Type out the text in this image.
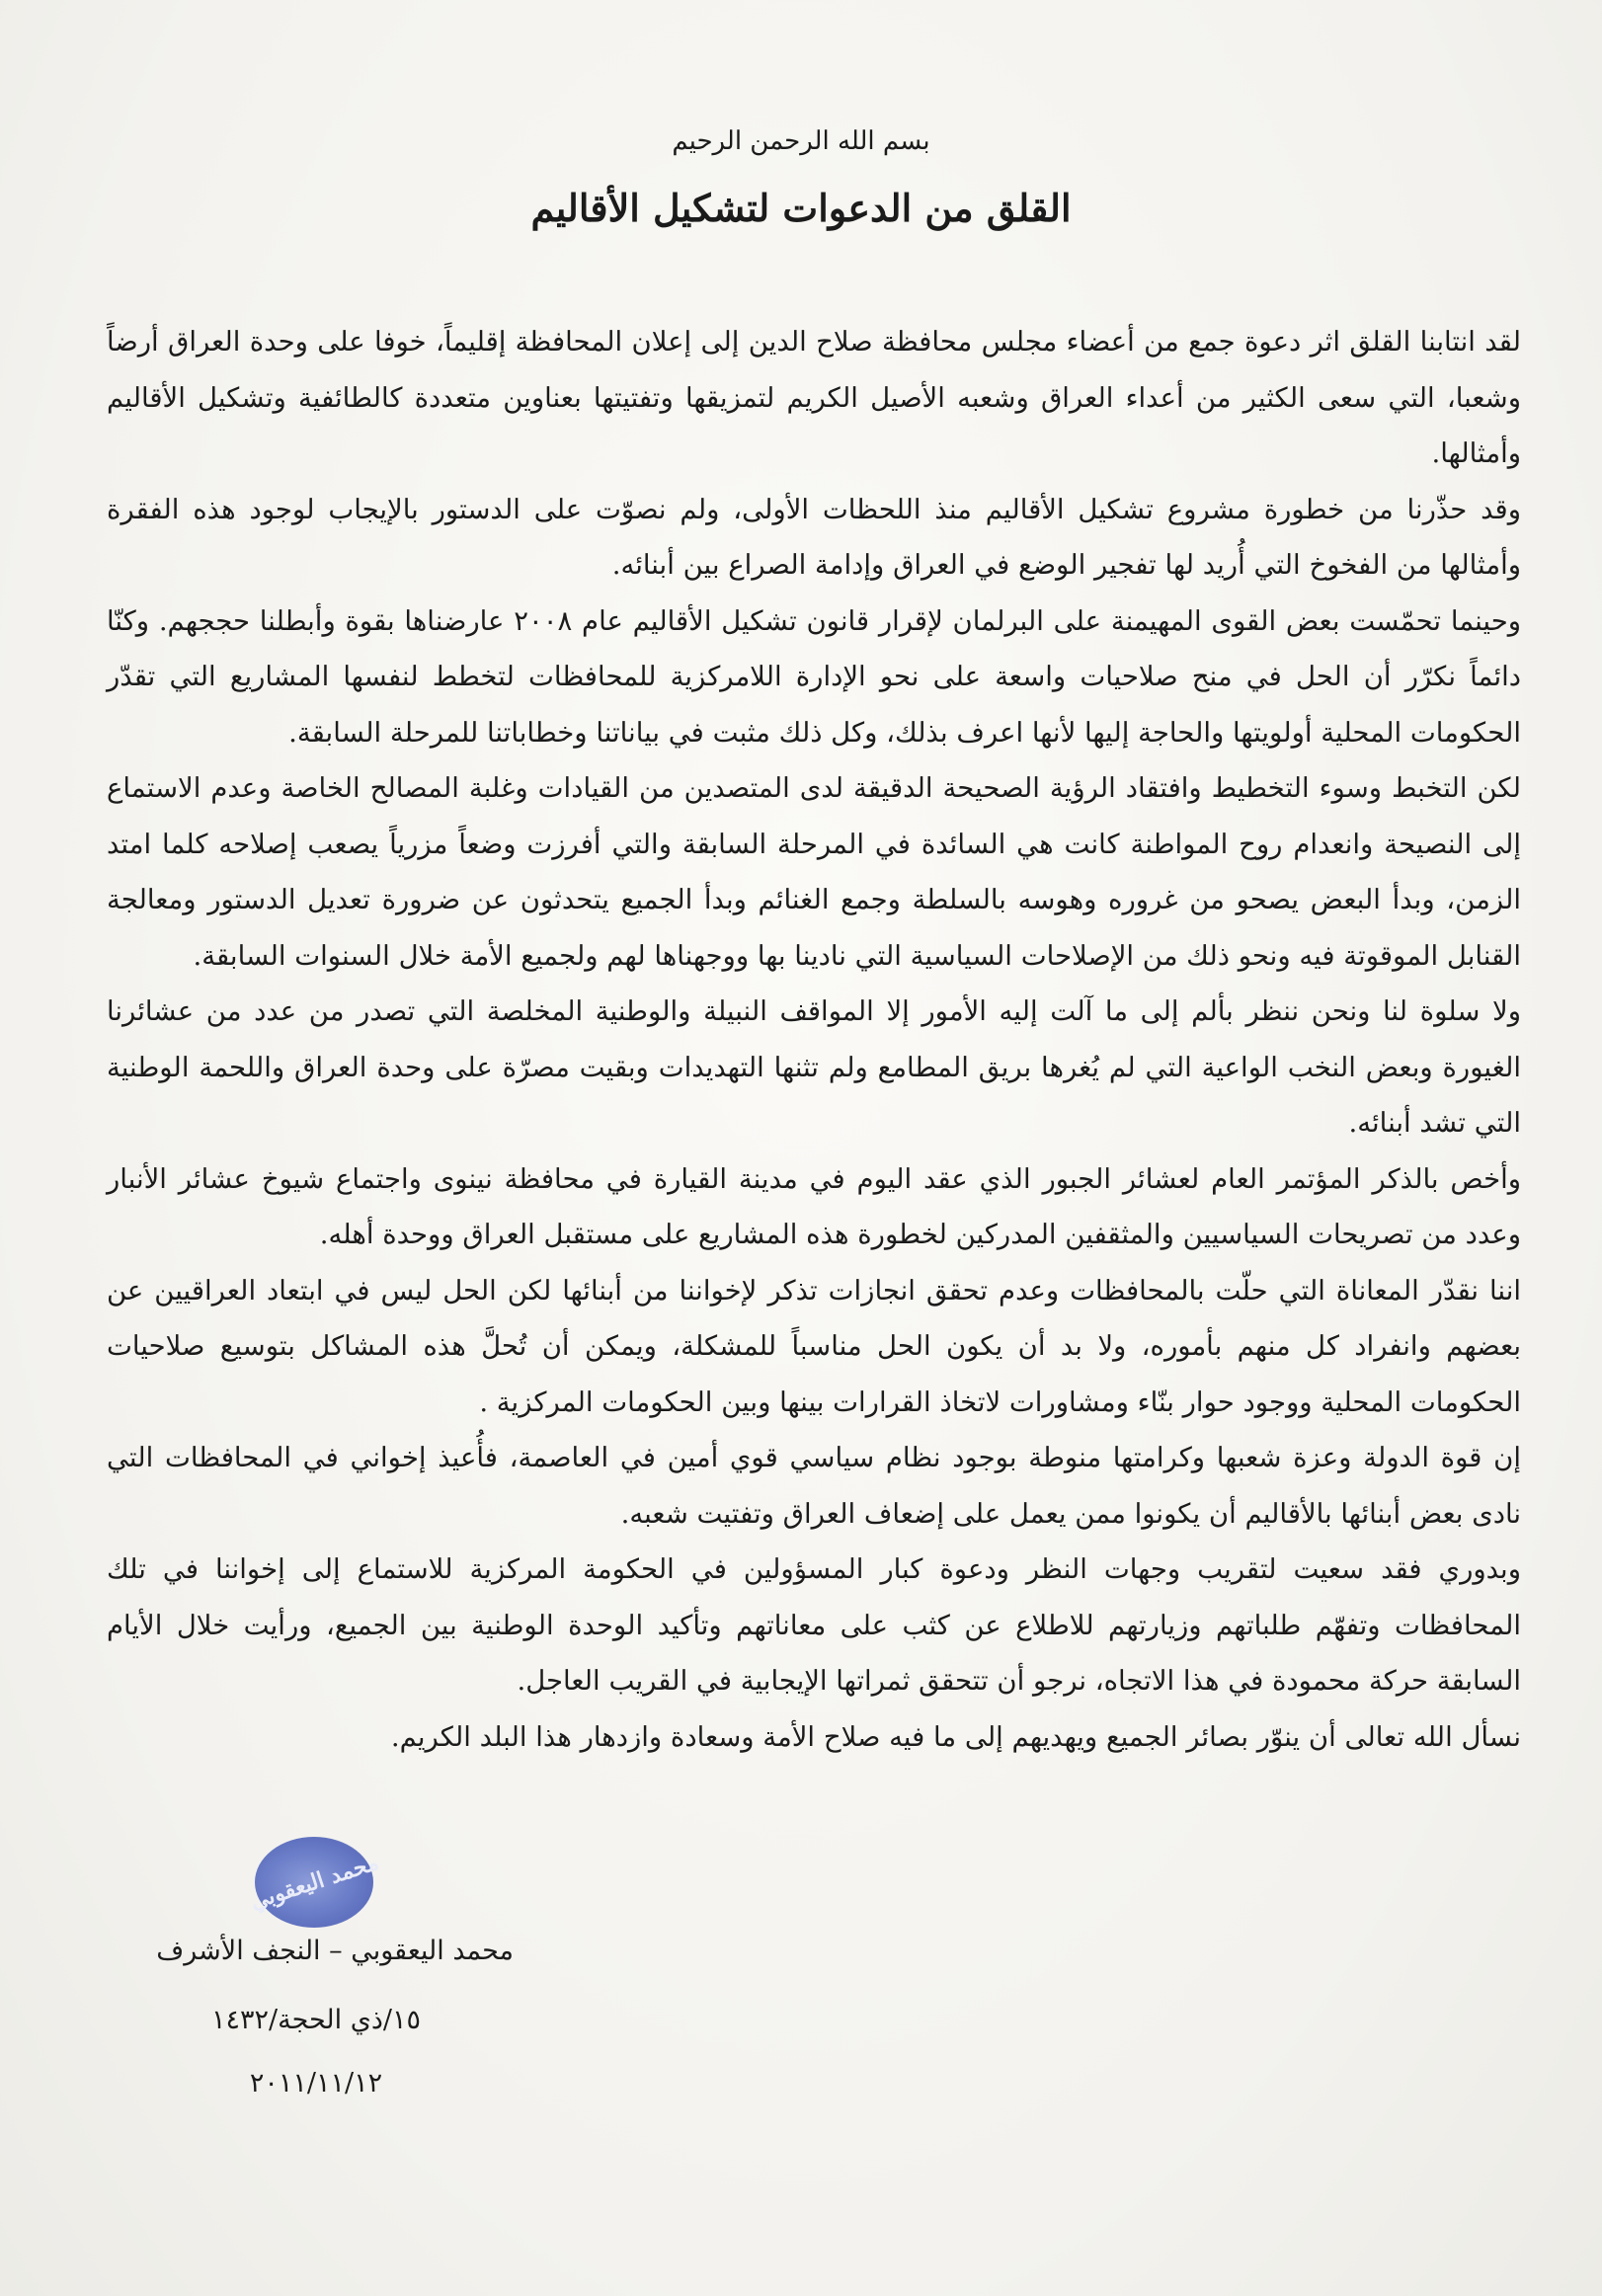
بسم الله الرحمن الرحيم
القلق من الدعوات لتشكيل الأقاليم

لقد انتابنا القلق اثر دعوة جمع من أعضاء مجلس محافظة صلاح الدين إلى إعلان المحافظة إقليماً، خوفا على وحدة العراق أرضاً وشعبا، التي سعى الكثير من أعداء العراق وشعبه الأصيل الكريم لتمزيقها وتفتيتها بعناوين متعددة كالطائفية وتشكيل الأقاليم وأمثالها.

وقد حذّرنا من خطورة مشروع تشكيل الأقاليم منذ اللحظات الأولى، ولم نصوّت على الدستور بالإيجاب لوجود هذه الفقرة وأمثالها من الفخوخ التي أُريد لها تفجير الوضع في العراق وإدامة الصراع بين أبنائه.

وحينما تحمّست بعض القوى المهيمنة على البرلمان لإقرار قانون تشكيل الأقاليم عام ٢٠٠٨ عارضناها بقوة وأبطلنا حججهم. وكنّا دائماً نكرّر أن الحل في منح صلاحيات واسعة على نحو الإدارة اللامركزية للمحافظات لتخطط لنفسها المشاريع التي تقدّر الحكومات المحلية أولويتها والحاجة إليها لأنها اعرف بذلك، وكل ذلك مثبت في بياناتنا وخطاباتنا للمرحلة السابقة.

لكن التخبط وسوء التخطيط وافتقاد الرؤية الصحيحة الدقيقة لدى المتصدين من القيادات وغلبة المصالح الخاصة وعدم الاستماع إلى النصيحة وانعدام روح المواطنة كانت هي السائدة في المرحلة السابقة والتي أفرزت وضعاً مزرياً يصعب إصلاحه كلما امتد الزمن، وبدأ البعض يصحو من غروره وهوسه بالسلطة وجمع الغنائم وبدأ الجميع يتحدثون عن ضرورة تعديل الدستور ومعالجة القنابل الموقوتة فيه ونحو ذلك من الإصلاحات السياسية التي نادينا بها ووجهناها لهم ولجميع الأمة خلال السنوات السابقة.

ولا سلوة لنا ونحن ننظر بألم إلى ما آلت إليه الأمور إلا المواقف النبيلة والوطنية المخلصة التي تصدر من عدد من عشائرنا الغيورة وبعض النخب الواعية التي لم يُغرها بريق المطامع ولم تثنها التهديدات وبقيت مصرّة على وحدة العراق واللحمة الوطنية التي تشد أبنائه.

وأخص بالذكر المؤتمر العام لعشائر الجبور الذي عقد اليوم في مدينة القيارة في محافظة نينوى واجتماع شيوخ عشائر الأنبار وعدد من تصريحات السياسيين والمثقفين المدركين لخطورة هذه المشاريع على مستقبل العراق ووحدة أهله.

اننا نقدّر المعاناة التي حلّت بالمحافظات وعدم تحقق انجازات تذكر لإخواننا من أبنائها لكن الحل ليس في ابتعاد العراقيين عن بعضهم وانفراد كل منهم بأموره، ولا بد أن يكون الحل مناسباً للمشكلة، ويمكن أن تُحلَّ هذه المشاكل بتوسيع صلاحيات الحكومات المحلية ووجود حوار بنّاء ومشاورات لاتخاذ القرارات بينها وبين الحكومات المركزية .

إن قوة الدولة وعزة شعبها وكرامتها منوطة بوجود نظام سياسي قوي أمين في العاصمة، فأُعيذ إخواني في المحافظات التي نادى بعض أبنائها بالأقاليم أن يكونوا ممن يعمل على إضعاف العراق وتفتيت شعبه.

وبدوري فقد سعيت لتقريب وجهات النظر ودعوة كبار المسؤولين في الحكومة المركزية للاستماع إلى إخواننا في تلك المحافظات وتفهّم طلباتهم وزيارتهم للاطلاع عن كثب على معاناتهم وتأكيد الوحدة الوطنية بين الجميع، ورأيت خلال الأيام السابقة حركة محمودة في هذا الاتجاه، نرجو أن تتحقق ثمراتها الإيجابية في القريب العاجل.

نسأل الله تعالى أن ينوّر بصائر الجميع ويهديهم إلى ما فيه صلاح الأمة وسعادة وازدهار هذا البلد الكريم.

محمد اليعقوبي
محمد اليعقوبي – النجف الأشرف
١٥/ذي الحجة/١٤٣٢
٢٠١١/١١/١٢
